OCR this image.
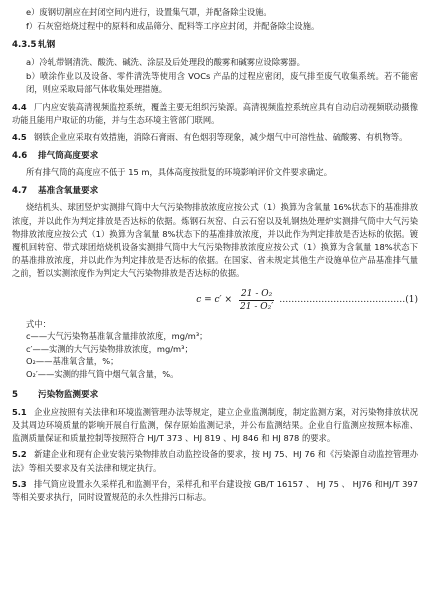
e）废钢切割应在封闭空间内进行，设置集气罩，并配备除尘设施。

f）石灰窑焙烧过程中的原料和成品筛分、配料等工序应封闭，并配备除尘设施。

4.3.5 轧钢

a）冷轧带钢清洗、酸洗、碱洗、涂层及后处理段的酸雾和碱雾应设除雾器。

b）喷涂作业以及设备、零件清洗等使用含 VOCs 产品的过程应密闭，废气排至废气收集系统。若不能密闭，则应采取局部气体收集处理措施。

4.4 厂内应安装高清视频监控系统，覆盖主要无组织污染源。高清视频监控系统应具有自动启动视频联动摄像功能且能用户取证的功能，并与生态环境主管部门联网。

4.5 钢铁企业应采取有效措施，消除石膏雨、有色烟羽等现象，减少烟气中可溶性盐、硫酸雾、有机物等。

4.6 排气筒高度要求

所有排气筒的高度应不低于 15 m，具体高度按批复的环境影响评价文件要求确定。

4.7 基准含氧量要求

烧结机头、球团竖炉实测排气筒中大气污染物排放浓度应按公式（1）换算为含氧量 16%状态下的基准排放浓度，并以此作为判定排放是否达标的依据。炼钢石灰窑、白云石窑以及轧钢热处理炉实测排气筒中大气污染物排放浓度应按公式（1）换算为含氧量 8%状态下的基准排放浓度，并以此作为判定排放是否达标的依据。镀覆机回转窑、带式球团焙烧机设备实测排气筒中大气污染物排放浓度应按公式（1）换算为含氧量 18%状态下的基准排放浓度，并以此作为判定排放是否达标的依据。在国家、省未规定其他生产设施单位产品基准排气量之前，暂以实测浓度作为判定大气污染物排放是否达标的依据。

$c = c' \times \frac{\text{21 - O₂}}{\text{21 - O₂′}}$ ……………………………………(1)

式中：

c——大气污染物基准氧含量排放浓度，mg/m³；

c′——实测的大气污染物排放浓度，mg/m³；

O₂——基准氧含量，%；

O₂′——实测的排气筒中烟气氧含量，%。

5 污染物监测要求

5.1 企业应按照有关法律和环境监测管理办法等规定，建立企业监测制度，制定监测方案，对污染物排放状况及其周边环境质量的影响开展自行监测，保存原始监测记录，并公布监测结果。企业自行监测应按照本标准、监测质量保证和质量控制等按照符合 HJ/T 373 、HJ 819 、HJ 846 和 HJ 878 的要求。

5.2 新建企业和现有企业安装污染物排放自动监控设备的要求，按 HJ 75、HJ 76 和《污染源自动监控管理办法》等相关要求及有关法律和规定执行。

5.3 排气筒应设置永久采样孔和监测平台，采样孔和平台建设按 GB/T 16157 、 HJ 75 、 HJ76 和HJ/T 397 等相关要求执行，同时设置规范的永久性排污口标志。
